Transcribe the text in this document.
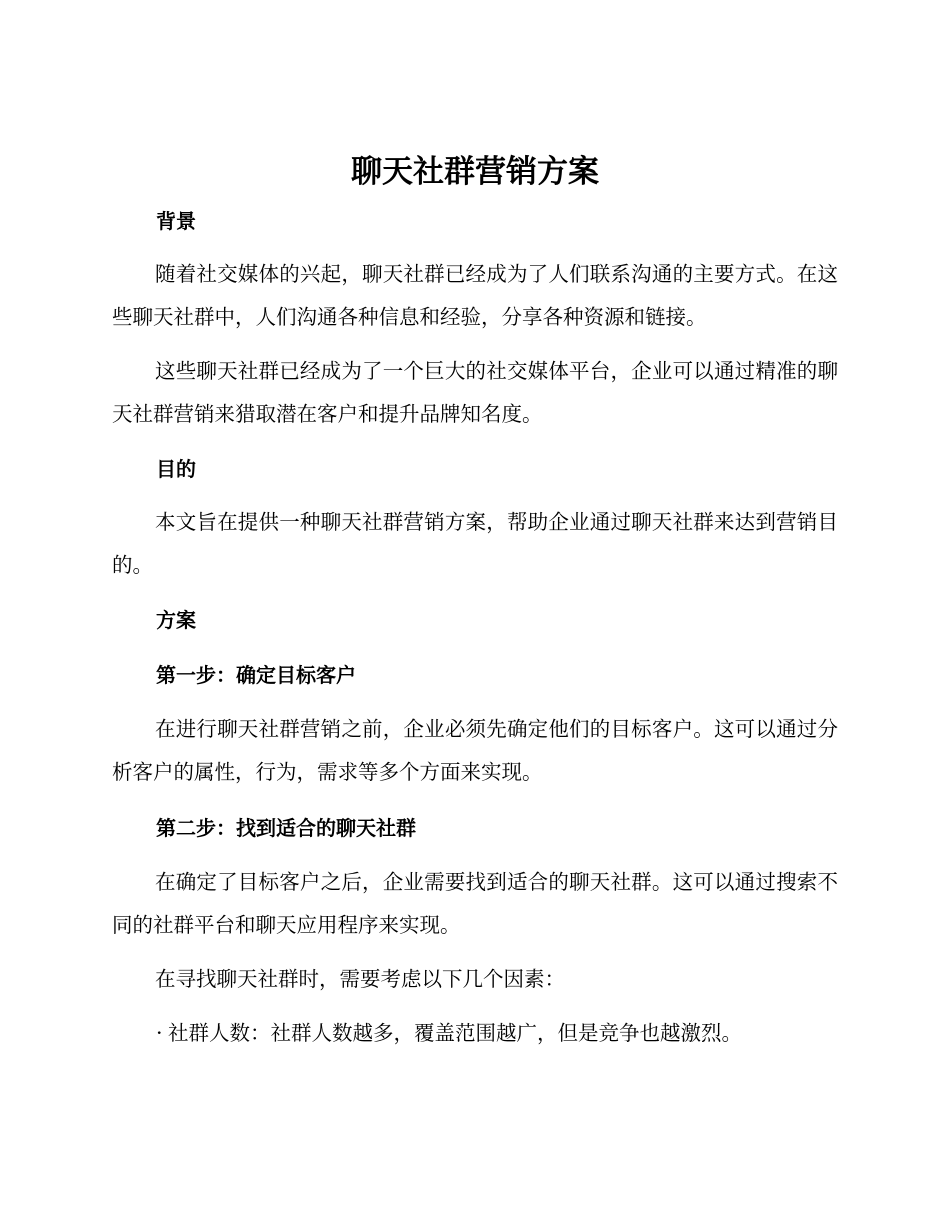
聊天社群营销方案
背景

随着社交媒体的兴起，聊天社群已经成为了人们联系沟通的主要方式。在这些聊天社群中，人们沟通各种信息和经验，分享各种资源和链接。

这些聊天社群已经成为了一个巨大的社交媒体平台，企业可以通过精准的聊天社群营销来猎取潜在客户和提升品牌知名度。

目的

本文旨在提供一种聊天社群营销方案，帮助企业通过聊天社群来达到营销目的。

方案
第一步：确定目标客户

在进行聊天社群营销之前，企业必须先确定他们的目标客户。这可以通过分析客户的属性，行为，需求等多个方面来实现。

第二步：找到适合的聊天社群

在确定了目标客户之后，企业需要找到适合的聊天社群。这可以通过搜索不同的社群平台和聊天应用程序来实现。

在寻找聊天社群时，需要考虑以下几个因素：

· 社群人数：社群人数越多，覆盖范围越广，但是竞争也越激烈。
